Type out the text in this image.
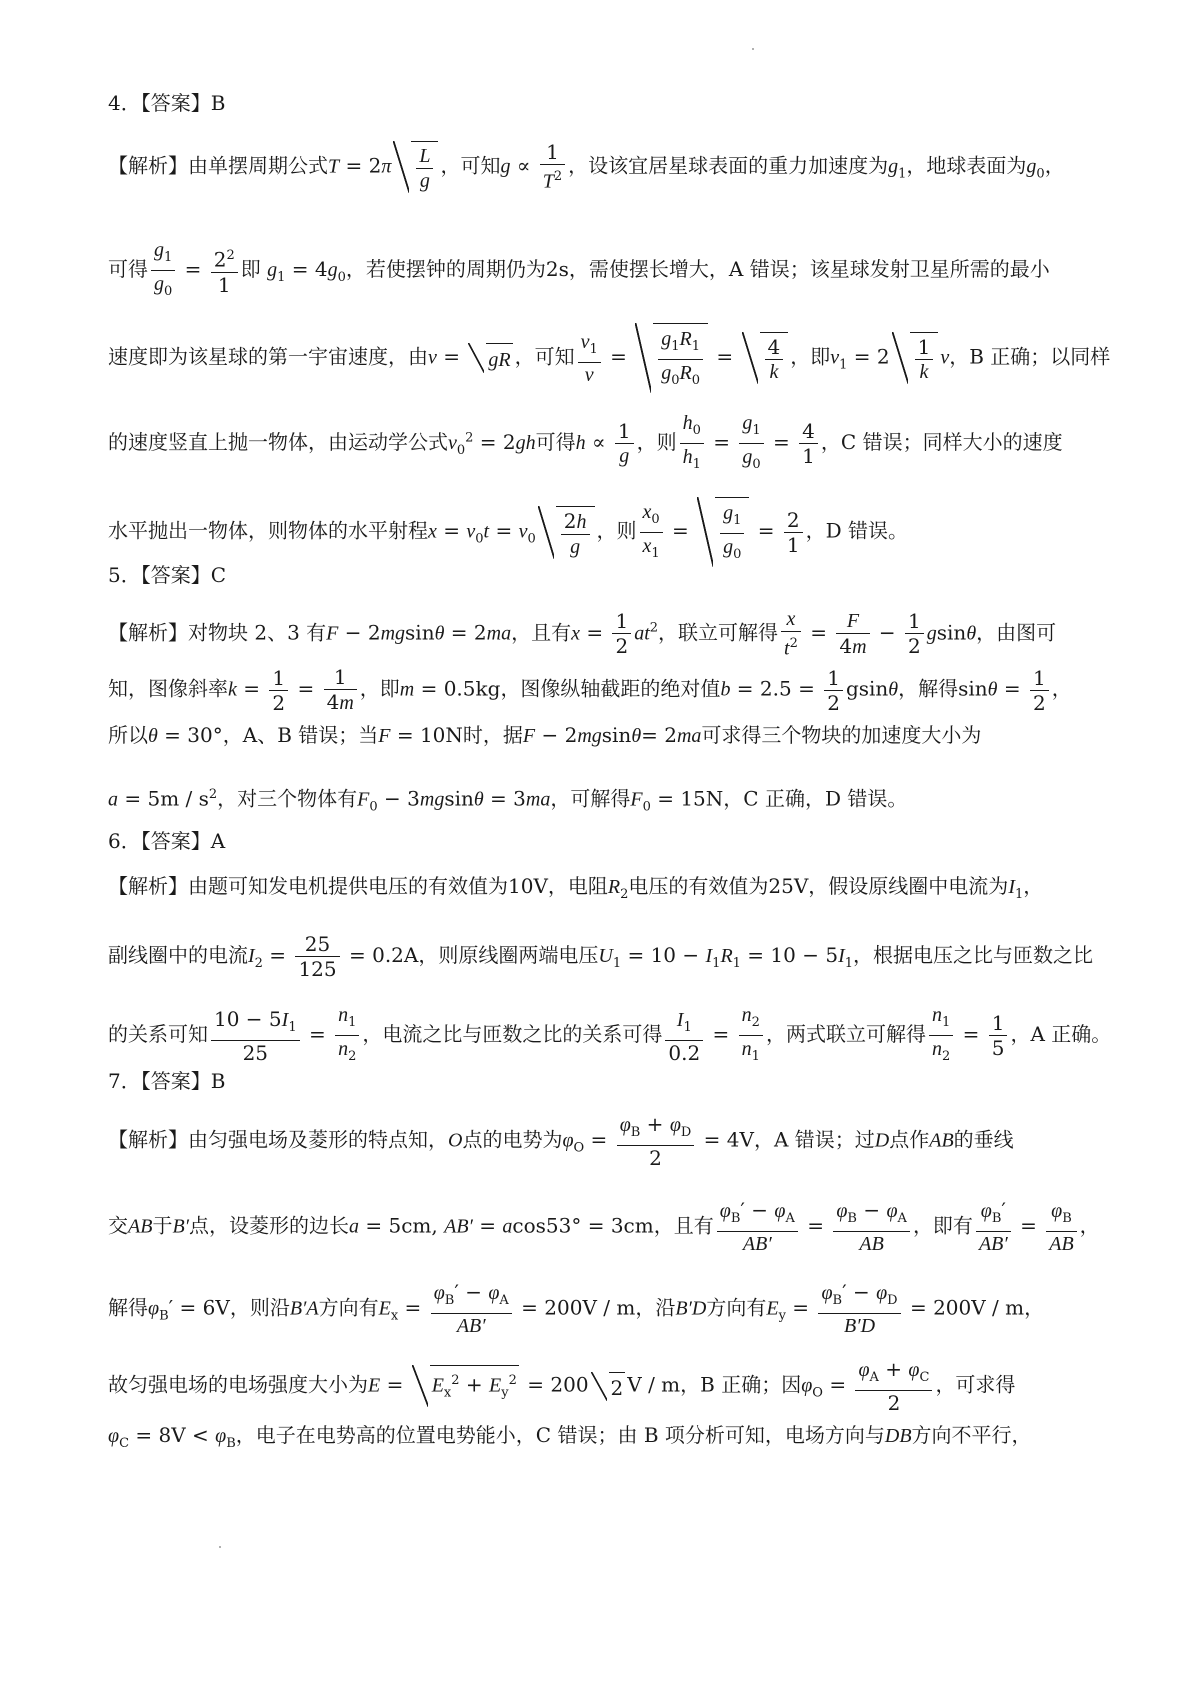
4．【答案】B
【解析】由单摆周期公式$T = 2\pi \frac{L}{g}$ ，可知$g \propto \frac{1}{T^2}$ ，设该宜居星球表面的重力加速度为$g_1$，地球表面为$g_0$，
可得 $\frac{g_1}{g_0} = \frac{2^2}{1}$ 即 $g_1 = 4g_0$，若使摆钟的周期仍为2s，需使摆长增大，A 错误；该星球发射卫星所需的最小
速度即为该星球的第一宇宙速度，由v = gR ，可知 $\frac{v_1}{v} = \frac{g_1R_1}{g_0R_0} = \frac{4}{k}$ ，即$v_1 = 2 \frac{1}{k}$ v，B 正确；以同样
的速度竖直上抛一物体，由运动学公式$v_0^2 = 2gh$可得$h \propto \frac{1}{g}$ ，则 $\frac{h_0}{h_1} = \frac{g_1}{g_0} = \frac{4}{1}$ ，C 错误；同样大小的速度
水平抛出一物体，则物体的水平射程$x = v_0t = v_0 \frac{2h}{g}$ ，则 $\frac{x_0}{x_1} = \frac{g_1}{g_0} = \frac{2}{1}$ ，D 错误。
5．【答案】C
【解析】对物块 2、3 有F − 2mgsinθ = 2ma，且有$x = \frac{1}{2} at^2$，联立可解得 $\frac{x}{t^2} = \frac{F}{4m} - \frac{1}{2}$ gsinθ，由图可
知，图像斜率$k = \frac{1}{2} = \frac{1}{4m}$ ，即m = 0.5kg，图像纵轴截距的绝对值$b = 2.5 = \frac{1}{2}$ gsinθ，解得$\sin\theta = \frac{1}{2}$ ，
所以θ = 30°，A、B 错误；当F = 10N时，据F − 2mgsinθ= 2ma可求得三个物块的加速度大小为
$a = 5m / s^2$，对三个物体有$F_0 - 3mgsin\theta = 3ma$，可解得$F_0 = 15N$，C 正确，D 错误。
6．【答案】A
【解析】由题可知发电机提供电压的有效值为10V，电阻$R_2$电压的有效值为25V，假设原线圈中电流为$I_1$，
副线圈中的电流$I_2 = \frac{25}{125} = 0.2A$，则原线圈两端电压$U_1 = 10 - I_1R_1 = 10 - 5I_1$，根据电压之比与匝数之比
的关系可知 $\frac{10 - 5I_1}{25} = \frac{n_1}{n_2}$ ，电流之比与匝数之比的关系可得 $\frac{I_1}{0.2} = \frac{n_2}{n_1}$ ，两式联立可解得 $\frac{n_1}{n_2} = \frac{1}{5}$ ，A 正确。
7．【答案】B
【解析】由匀强电场及菱形的特点知，O点的电势为$\varphi_O = \frac{\varphi_B + \varphi_D}{2} = 4V$，A 错误；过D点作AB的垂线
交AB于B′点，设菱形的边长a = 5cm, AB′ = acos53° = 3cm，且有 $\frac{\varphi_B' - \varphi_A}{AB'} = \frac{\varphi_B - \varphi_A}{AB}$ ，即有 $\frac{\varphi_B'}{AB'} = \frac{\varphi_B}{AB}$ ，
解得$\varphi_B' = 6V$，则沿B′A方向有$E_x = \frac{\varphi_B' - \varphi_A}{AB'} = 200V / m$，沿B′D方向有$E_y = \frac{\varphi_B' - \varphi_D}{B'D} = 200V / m$，
故匀强电场的电场强度大小为$E = E_x^2 + E_y^2 = 200$ 2 V / m，B 正确；因$\varphi_O = \frac{\varphi_A + \varphi_C}{2}$ ，可求得
$\varphi_C = 8V < \varphi_B$，电子在电势高的位置电势能小，C 错误；由 B 项分析可知，电场方向与DB方向不平行，
